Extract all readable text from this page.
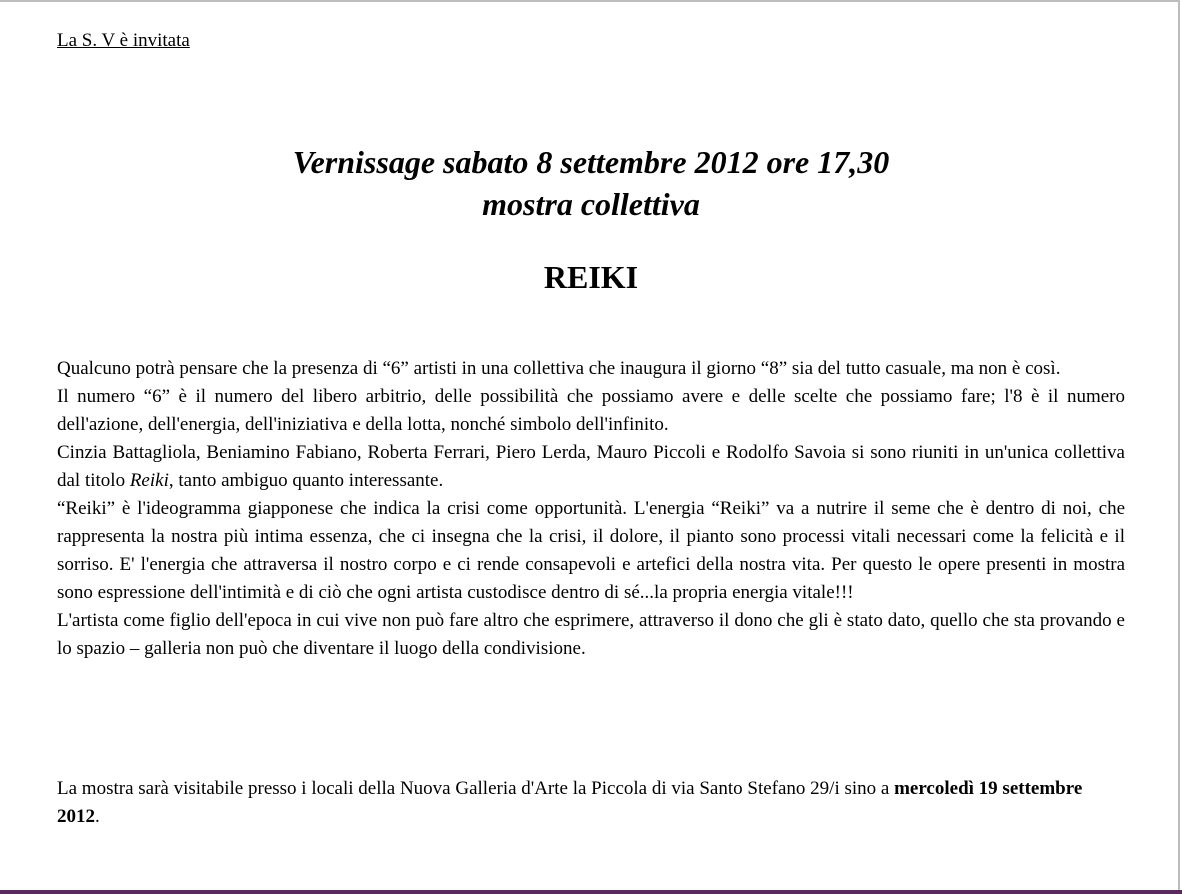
La S. V è invitata
Vernissage sabato 8 settembre 2012 ore 17,30
mostra collettiva
REIKI

Qualcuno potrà pensare che la presenza di “6” artisti in una collettiva che inaugura il giorno “8” sia del tutto casuale, ma non è così.

Il numero “6” è il numero del libero arbitrio, delle possibilità che possiamo avere e delle scelte che possiamo fare; l'8 è il numero dell'azione, dell'energia, dell'iniziativa e della lotta, nonché simbolo dell'infinito.

Cinzia Battagliola, Beniamino Fabiano, Roberta Ferrari, Piero Lerda, Mauro Piccoli e Rodolfo Savoia si sono riuniti in un'unica collettiva dal titolo Reiki, tanto ambiguo quanto interessante.

“Reiki” è l'ideogramma giapponese che indica la crisi come opportunità. L'energia “Reiki” va a nutrire il seme che è dentro di noi, che rappresenta la nostra più intima essenza, che ci insegna che la crisi, il dolore, il pianto sono processi vitali necessari come la felicità e il sorriso. E' l'energia che attraversa il nostro corpo e ci rende consapevoli e artefici della nostra vita. Per questo le opere presenti in mostra sono espressione dell'intimità e di ciò che ogni artista custodisce dentro di sé...la propria energia vitale!!!

L'artista come figlio dell'epoca in cui vive non può fare altro che esprimere, attraverso il dono che gli è stato dato, quello che sta provando e lo spazio – galleria non può che diventare il luogo della condivisione.

La mostra sarà visitabile presso i locali della Nuova Galleria d'Arte la Piccola di via Santo Stefano 29/i sino a mercoledì 19 settembre 2012.
